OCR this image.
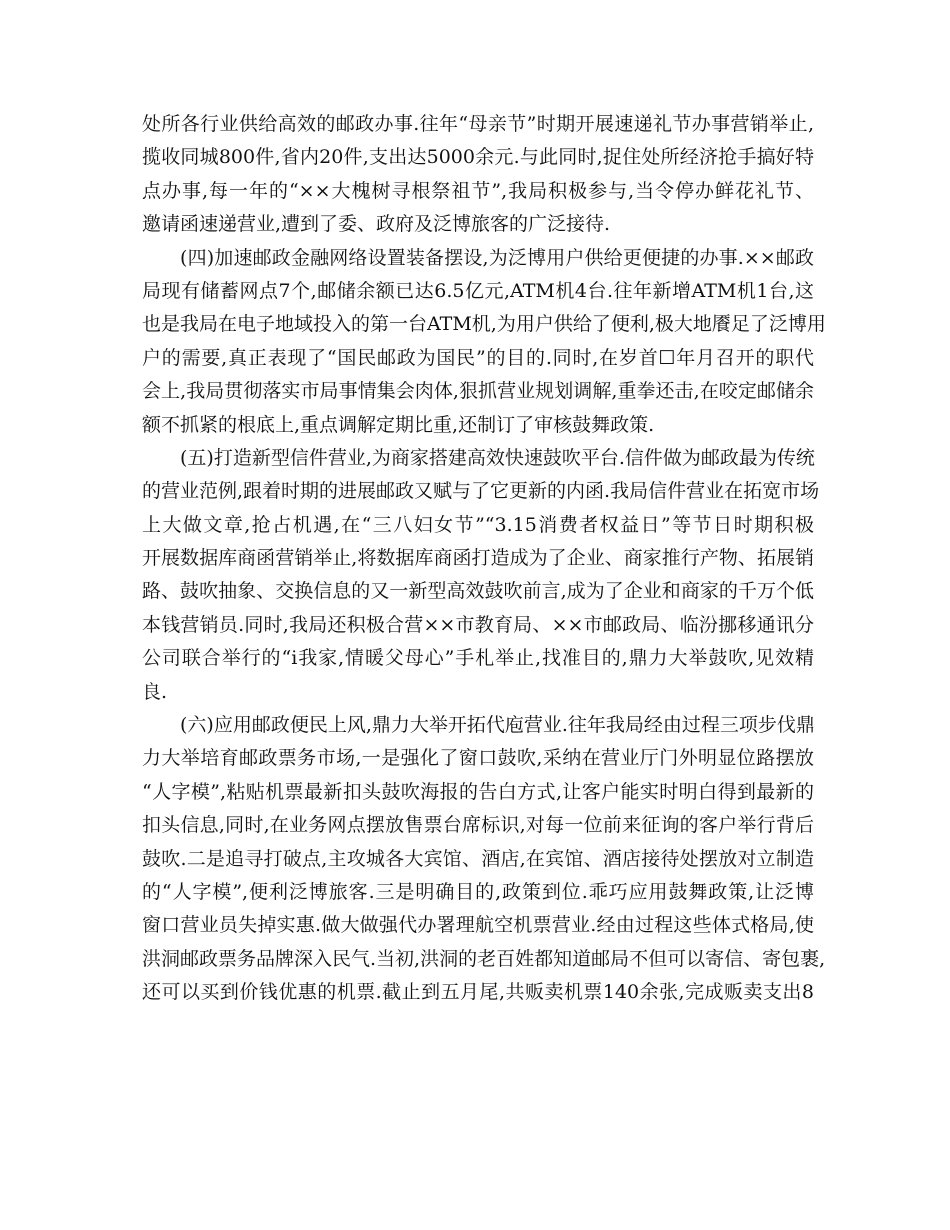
处所各行业供给高效的邮政办事.往年“母亲节”时期开展速递礼节办事营销举止,
揽收同城800件,省内20件,支出达5000余元.与此同时,捉住处所经济抢手搞好特
点办事,每一年的“××大槐树寻根祭祖节”,我局积极参与,当令停办鲜花礼节、
邀请函速递营业,遭到了委、政府及泛博旅客的广泛接待.
(四)加速邮政金融网络设置装备摆设,为泛博用户供给更便捷的办事.××邮政
局现有储蓄网点7个,邮储余额已达6.5亿元,ATM机4台.往年新增ATM机1台,这
也是我局在电子地域投入的第一台ATM机,为用户供给了便利,极大地餍足了泛博用
户的需要,真正表现了“国民邮政为国民”的目的.同时,在岁首☐年月召开的职代
会上,我局贯彻落实市局事情集会肉体,狠抓营业规划调解,重拳还击,在咬定邮储余
额不抓紧的根底上,重点调解定期比重,还制订了审核鼓舞政策.
(五)打造新型信件营业,为商家搭建高效快速鼓吹平台.信件做为邮政最为传统
的营业范例,跟着时期的进展邮政又赋与了它更新的内函.我局信件营业在拓宽市场
上大做文章,抢占机遇,在“三八妇女节”“3.15消费者权益日”等节日时期积极
开展数据库商函营销举止,将数据库商函打造成为了企业、商家推行产物、拓展销
路、鼓吹抽象、交换信息的又一新型高效鼓吹前言,成为了企业和商家的千万个低
本钱营销员.同时,我局还积极合营××市教育局、××市邮政局、临汾挪移通讯分
公司联合举行的“i我家,情暖父母心”手札举止,找准目的,鼎力大举鼓吹,见效精
良.
(六)应用邮政便民上风,鼎力大举开拓代庖营业.往年我局经由过程三项步伐鼎
力大举培育邮政票务市场,一是强化了窗口鼓吹,采纳在营业厅门外明显位路摆放
“人字模”,粘贴机票最新扣头鼓吹海报的告白方式,让客户能实时明白得到最新的
扣头信息,同时,在业务网点摆放售票台席标识,对每一位前来征询的客户举行背后
鼓吹.二是追寻打破点,主攻城各大宾馆、酒店,在宾馆、酒店接待处摆放对立制造
的“人字模”,便利泛博旅客.三是明确目的,政策到位.乖巧应用鼓舞政策,让泛博
窗口营业员失掉实惠.做大做强代办署理航空机票营业.经由过程这些体式格局,使
洪洞邮政票务品牌深入民气.当初,洪洞的老百姓都知道邮局不但可以寄信、寄包裹,
还可以买到价钱优惠的机票.截止到五月尾,共贩卖机票140余张,完成贩卖支出8
